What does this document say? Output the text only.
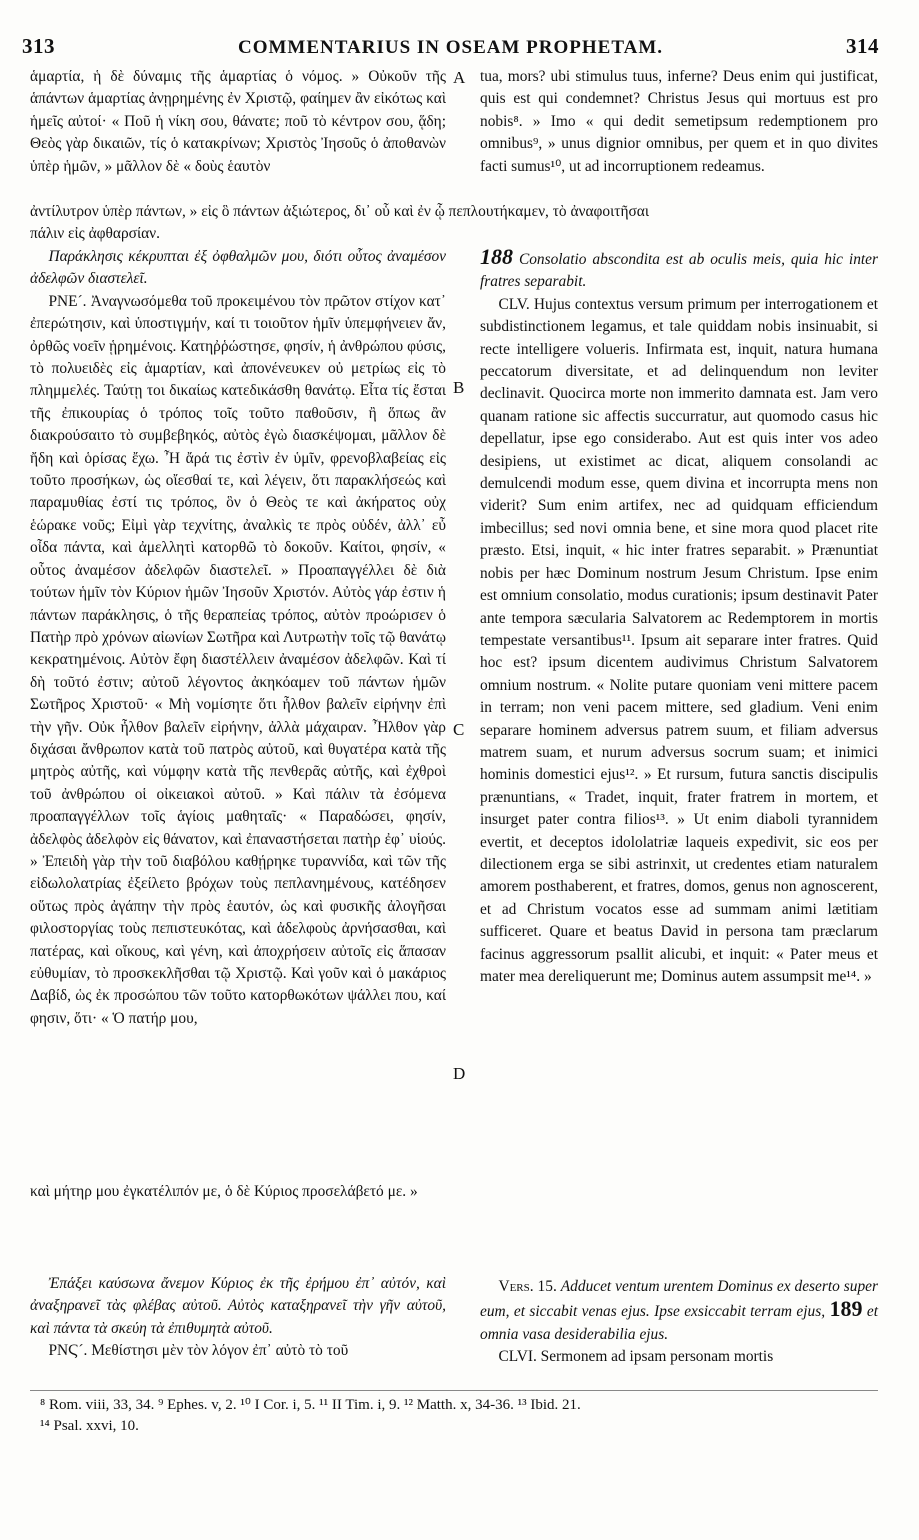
313	COMMENTARIUS IN OSEAM PROPHETAM.	314

ἁμαρτία, ἡ δὲ δύναμις τῆς ἁμαρτίας ὁ νόμος. » Οὐκοῦν τῆς ἁπάντων ἁμαρτίας ἀνῃρημένης ἐν Χριστῷ, φαίημεν ἂν εἰκότως καὶ ἡμεῖς αὐτοί· « Ποῦ ἡ νίκη σου, θάνατε; ποῦ τὸ κέντρον σου, ᾅδη; Θεὸς γὰρ δικαιῶν, τίς ὁ κατακρίνων; Χριστὸς Ἰησοῦς ὁ ἀποθανὼν ὑπὲρ ἡμῶν, » μᾶλλον δὲ « δοὺς ἑαυτὸν

Παράκλησις κέκρυπται ἐξ ὀφθαλμῶν μου, διότι οὗτος ἀναμέσον ἀδελφῶν διαστελεῖ.

ΡΝΕ´. Ἀναγνωσόμεθα τοῦ προκειμένου τὸν πρῶτον στίχον κατ᾽ ἐπερώτησιν, καὶ ὑποστιγμήν, καί τι τοιοῦτον ἡμῖν ὑπεμφήνειεν ἄν, ὀρθῶς νοεῖν ᾑρημένοις. Κατηῤῥώστησε, φησίν, ἡ ἀνθρώπου φύσις, τὸ πολυειδὲς εἰς ἁμαρτίαν, καὶ ἀπονένευκεν οὐ μετρίως εἰς τὸ πλημμελές. Ταύτῃ τοι δικαίως κατεδικάσθη θανάτῳ. Εἶτα τίς ἔσται τῆς ἐπικουρίας ὁ τρόπος τοῖς τοῦτο παθοῦσιν, ἢ ὅπως ἂν διακρούσαιτο τὸ συμβεβηκός, αὐτὸς ἐγὼ διασκέψομαι, μᾶλλον δὲ ἤδη καὶ ὁρίσας ἔχω. Ἦ ἄρά τις ἐστὶν ἐν ὑμῖν, φρενοβλαβείας εἰς τοῦτο προσήκων, ὡς οἴεσθαί τε, καὶ λέγειν, ὅτι παρακλήσεώς καὶ παραμυθίας ἐστί τις τρόπος, ὃν ὁ Θεὸς τε καὶ ἀκήρατος οὐχ ἑώρακε νοῦς; Εἰμὶ γὰρ τεχνίτης, ἀναλκὶς τε πρὸς οὐδέν, ἀλλ᾽ εὖ οἶδα πάντα, καὶ ἀμελλητὶ κατορθῶ τὸ δοκοῦν. Καίτοι, φησίν, « οὗτος ἀναμέσον ἀδελφῶν διαστελεῖ. » Προαπαγγέλλει δὲ διὰ τούτων ἡμῖν τὸν Κύριον ἡμῶν Ἰησοῦν Χριστόν. Αὐτὸς γάρ ἐστιν ἡ πάντων παράκλησις, ὁ τῆς θεραπείας τρόπος, αὐτὸν προώρισεν ὁ Πατὴρ πρὸ χρόνων αἰωνίων Σωτῆρα καὶ Λυτρωτὴν τοῖς τῷ θανάτῳ κεκρατημένοις. Αὐτὸν ἔφη διαστέλλειν ἀναμέσον ἀδελφῶν. Καὶ τί δὴ τοῦτό ἐστιν; αὐτοῦ λέγοντος ἀκηκόαμεν τοῦ πάντων ἡμῶν Σωτῆρος Χριστοῦ· « Μὴ νομίσητε ὅτι ἦλθον βαλεῖν εἰρήνην ἐπὶ τὴν γῆν. Οὐκ ἦλθον βαλεῖν εἰρήνην, ἀλλὰ μάχαιραν. Ἦλθον γὰρ διχάσαι ἄνθρωπον κατὰ τοῦ πατρὸς αὐτοῦ, καὶ θυγατέρα κατὰ τῆς μητρὸς αὐτῆς, καὶ νύμφην κατὰ τῆς πενθερᾶς αὐτῆς, καὶ ἐχθροὶ τοῦ ἀνθρώπου οἱ οἰκειακοὶ αὐτοῦ. » Καὶ πάλιν τὰ ἐσόμενα προαπαγγέλλων τοῖς ἁγίοις μαθηταῖς· « Παραδώσει, φησίν, ἀδελφὸς ἀδελφὸν εἰς θάνατον, καὶ ἐπαναστήσεται πατὴρ ἐφ᾽ υἱούς. » Ἐπειδὴ γὰρ τὴν τοῦ διαβόλου καθῄρηκε τυραννίδα, καὶ τῶν τῆς εἰδωλολατρίας ἐξείλετο βρόχων τοὺς πεπλανημένους, κατέδησεν οὕτως πρὸς ἀγάπην τὴν πρὸς ἑαυτόν, ὡς καὶ φυσικῆς ἀλογῆσαι φιλοστοργίας τοὺς πεπιστευκότας, καὶ ἀδελφοὺς ἀρνήσασθαι, καὶ πατέρας, καὶ οἴκους, καὶ γένη, καὶ ἀποχρήσειν αὐτοῖς εἰς ἅπασαν εὐθυμίαν, τὸ προσκεκλῆσθαι τῷ Χριστῷ. Καὶ γοῦν καὶ ὁ μακάριος Δαβίδ, ὡς ἐκ προσώπου τῶν τοῦτο κατορθωκότων ψάλλει που, καί φησιν, ὅτι· « Ὁ πατήρ μου,

Ἐπάξει καύσωνα ἄνεμον Κύριος ἐκ τῆς ἐρήμου ἐπ᾽ αὐτόν, καὶ ἀναξηρανεῖ τὰς φλέβας αὐτοῦ. Αὐτὸς καταξηρανεῖ τὴν γῆν αὐτοῦ, καὶ πάντα τὰ σκεύη τὰ ἐπιθυμητὰ αὐτοῦ.

ΡΝϚ´. Μεθίστησι μὲν τὸν λόγον ἐπ᾽ αὐτὸ τὸ τοῦ

tua, mors? ubi stimulus tuus, inferne? Deus enim qui justificat, quis est qui condemnet? Christus Jesus qui mortuus est pro nobis⁸. » Imo « qui dedit semetipsum redemptionem pro omnibus⁹, » unus dignior omnibus, per quem et in quo divites facti sumus¹⁰, ut ad incorruptionem redeamus.

188 Consolatio abscondita est ab oculis meis, quia hic inter fratres separabit.

CLV. Hujus contextus versum primum per interrogationem et subdistinctionem legamus, et tale quiddam nobis insinuabit, si recte intelligere volueris. Infirmata est, inquit, natura humana peccatorum diversitate, et ad delinquendum non leviter declinavit. Quocirca morte non immerito damnata est. Jam vero quanam ratione sic affectis succurratur, aut quomodo casus hic depellatur, ipse ego considerabo. Aut est quis inter vos adeo desipiens, ut existimet ac dicat, aliquem consolandi ac demulcendi modum esse, quem divina et incorrupta mens non viderit? Sum enim artifex, nec ad quidquam efficiendum imbecillus; sed novi omnia bene, et sine mora quod placet rite præsto. Etsi, inquit, « hic inter fratres separabit. » Prænuntiat nobis per hæc Dominum nostrum Jesum Christum. Ipse enim est omnium consolatio, modus curationis; ipsum destinavit Pater ante tempora sæcularia Salvatorem ac Redemptorem in mortis tempestate versantibus¹¹. Ipsum ait separare inter fratres. Quid hoc est? ipsum dicentem audivimus Christum Salvatorem omnium nostrum. « Nolite putare quoniam veni mittere pacem in terram; non veni pacem mittere, sed gladium. Veni enim separare hominem adversus patrem suum, et filiam adversus matrem suam, et nurum adversus socrum suam; et inimici hominis domestici ejus¹². » Et rursum, futura sanctis discipulis prænuntians, « Tradet, inquit, frater fratrem in mortem, et insurget pater contra filios¹³. » Ut enim diaboli tyrannidem evertit, et deceptos idololatriæ laqueis expedivit, sic eos per dilectionem erga se sibi astrinxit, ut credentes etiam naturalem amorem posthaberent, et fratres, domos, genus non agnoscerent, et ad Christum vocatos esse ad summam animi lætitiam sufficeret. Quare et beatus David in persona tam præclarum facinus aggressorum psallit alicubi, et inquit: « Pater meus et mater mea dereliquerunt me; Dominus autem assumpsit me¹⁴. »

Vers. 15. Adducet ventum urentem Dominus ex deserto super eum, et siccabit venas ejus. Ipse exsiccabit terram ejus, 189 et omnia vasa desiderabilia ejus.

CLVI. Sermonem ad ipsam personam mortis

ἀντίλυτρον ὑπὲρ πάντων, » εἰς ὃ πάντων ἀξιώτερος, δι᾽ οὗ καὶ ἐν ᾧ πεπλουτήκαμεν, τὸ ἀναφοιτῆσαι
πάλιν εἰς ἀφθαρσίαν.
καὶ μήτηρ μου ἐγκατέλιπόν με, ὁ δὲ Κύριος προσελάβετό με. »
A
B
C
D
⁸ Rom. viii, 33, 34. ⁹ Ephes. v, 2. ¹⁰ I Cor. i, 5. ¹¹ II Tim. i, 9. ¹² Matth. x, 34-36. ¹³ Ibid. 21.
¹⁴ Psal. xxvi, 10.
